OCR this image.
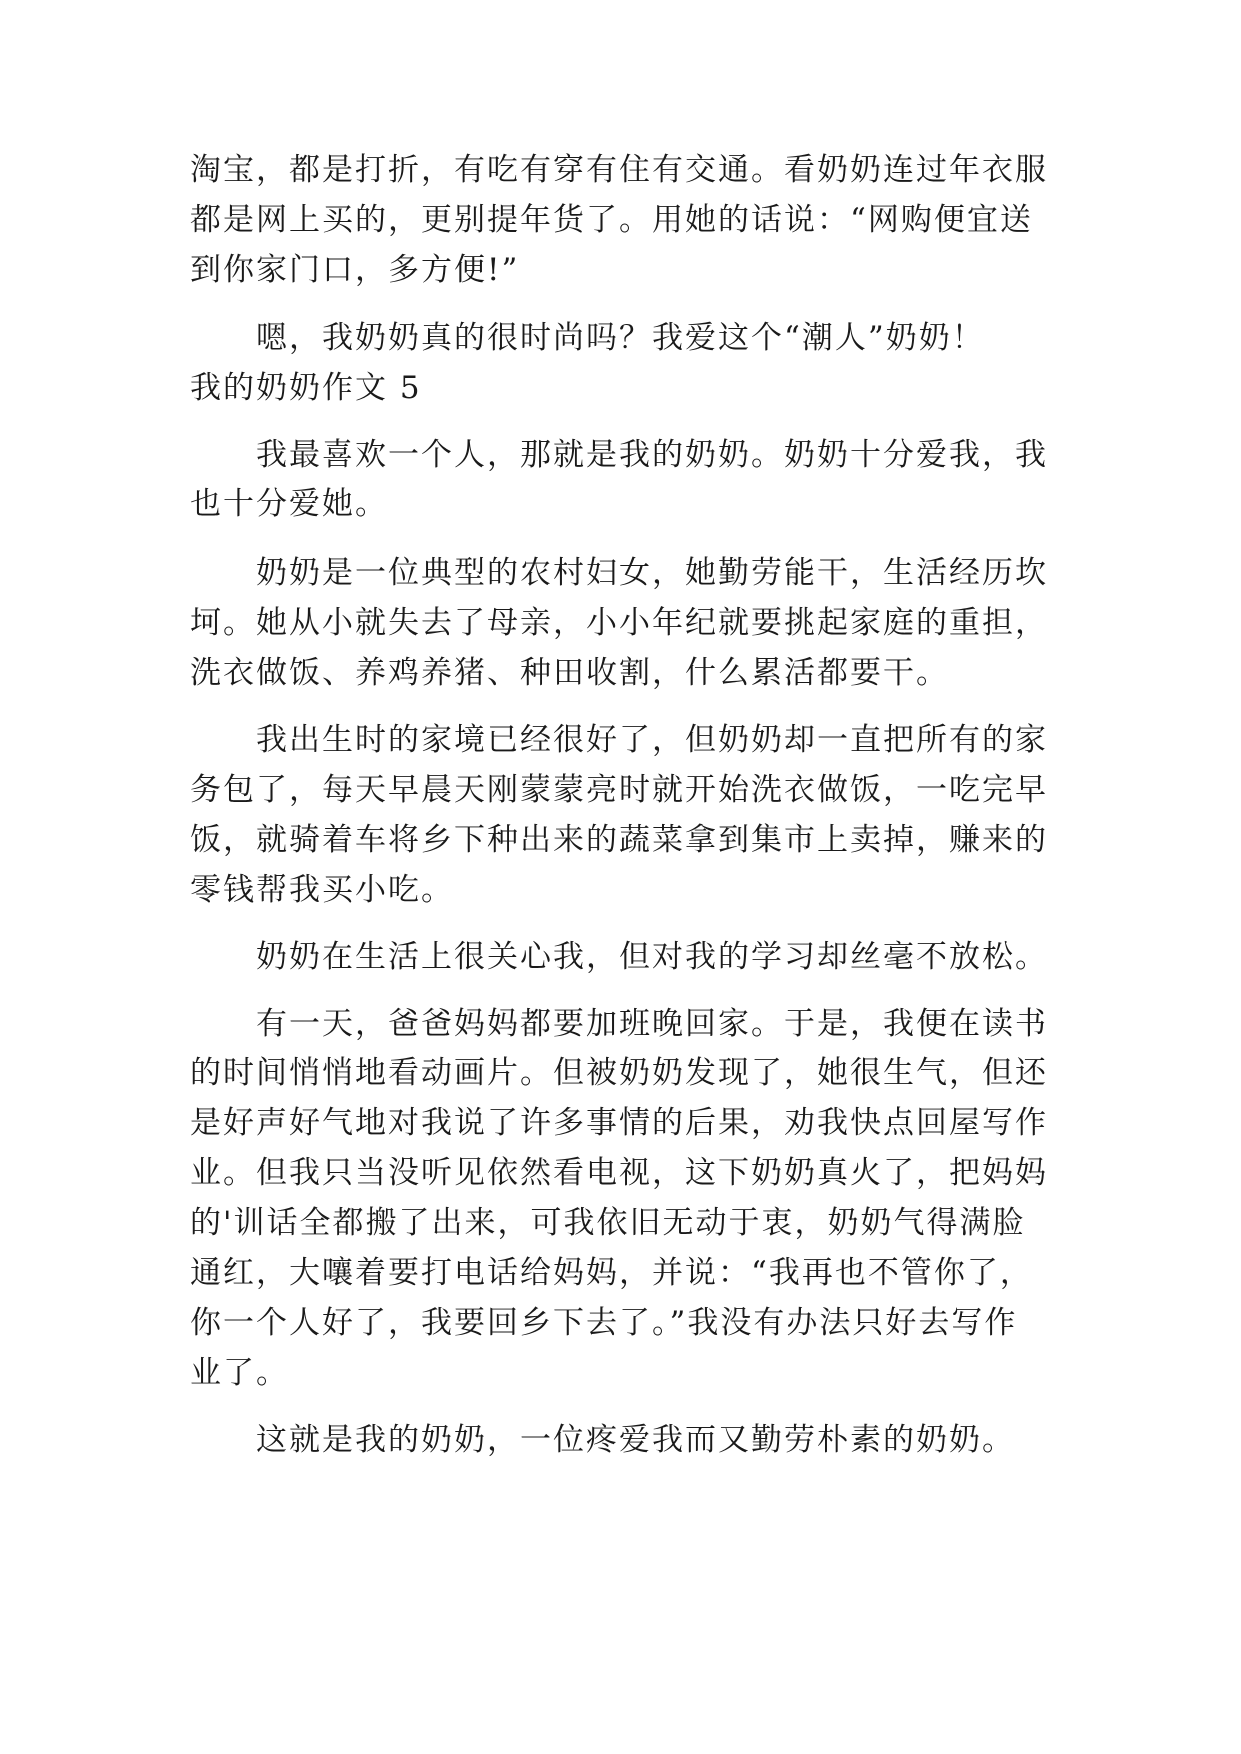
淘宝，都是打折，有吃有穿有住有交通。看奶奶连过年衣服
都是网上买的，更别提年货了。用她的话说：“网购便宜送
到你家门口，多方便!”
嗯，我奶奶真的很时尚吗？我爱这个“潮人”奶奶！
我的奶奶作文 5
我最喜欢一个人，那就是我的奶奶。奶奶十分爱我，我
也十分爱她。
奶奶是一位典型的农村妇女，她勤劳能干，生活经历坎
坷。她从小就失去了母亲，小小年纪就要挑起家庭的重担，
洗衣做饭、养鸡养猪、种田收割，什么累活都要干。
我出生时的家境已经很好了，但奶奶却一直把所有的家
务包了，每天早晨天刚蒙蒙亮时就开始洗衣做饭，一吃完早
饭，就骑着车将乡下种出来的蔬菜拿到集市上卖掉，赚来的
零钱帮我买小吃。
奶奶在生活上很关心我，但对我的学习却丝毫不放松。
有一天，爸爸妈妈都要加班晚回家。于是，我便在读书
的时间悄悄地看动画片。但被奶奶发现了，她很生气，但还
是好声好气地对我说了许多事情的后果，劝我快点回屋写作
业。但我只当没听见依然看电视，这下奶奶真火了，把妈妈
的'训话全都搬了出来，可我依旧无动于衷，奶奶气得满脸
通红，大嚷着要打电话给妈妈，并说：“我再也不管你了，
你一个人好了，我要回乡下去了。”我没有办法只好去写作
业了。
这就是我的奶奶，一位疼爱我而又勤劳朴素的奶奶。
